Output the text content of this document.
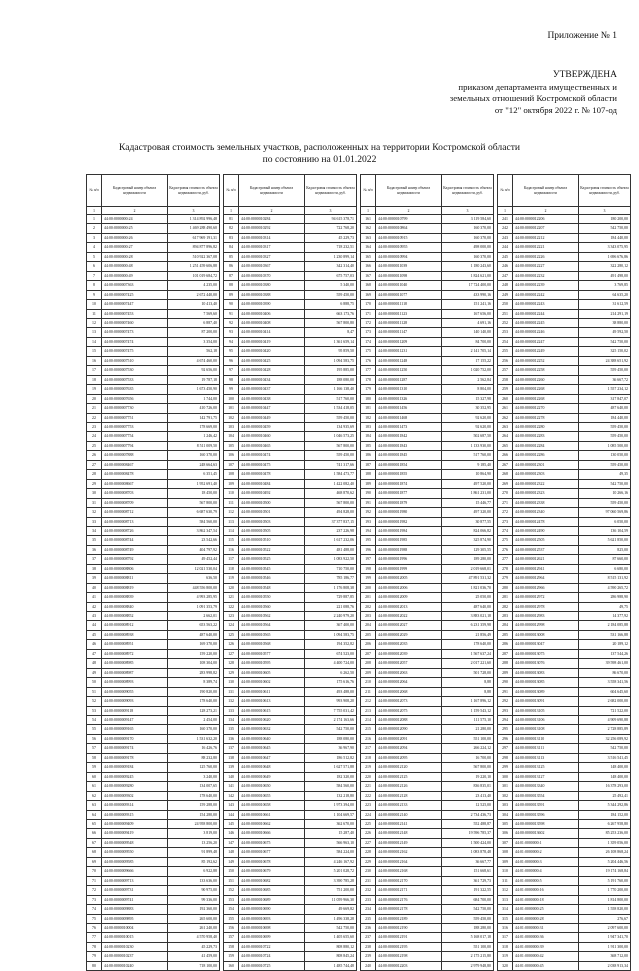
Приложение № 1
УТВЕРЖДЕНА
приказом департамента имущественных и
земельных отношений Костромской области
от "12" октября 2022 г. № 107-од
Кадастровая стоимость земельных участков, расположенных на территории Костромской области
по состоянию на 01.01.2022
№ п/п	Кадастровый номер объекта недвижимости	Кадастровая стоимость объекта недвижимости, руб.
1	2	3
1	44:00:0000000:24	1 314 892 996,48
2	44:00:0000000:25	1 469 288 490,60
3	44:00:0000000:26	617 969 191,31
4	44:00:0000000:27	894 877 896,82
5	44:00:0000000:28	510 922 367,08
6	44:00:0000000:48	1 251 459 606,88
7	44:00:0000000:49	101 019 684,72
8	44:00:0000007363	4 235,00
9	44:00:0000007425	2 672 440,00
10	44:00:0000007447	10 413,40
11	44:00:0000007453	7 569,60
12	44:00:0000007460	6 887,40
13	44:00:0000007473	87 200,00
14	44:00:0000007474	3 354,00
15	44:00:0000007475	562,18
16	44:00:0000007510	4 674 460,00
17	44:00:0000007530	92 656,00
18	44:00:0000007533	19 787,18
19	44:00:0000007635	1 673 450,90
20	44:00:0000007656	1 744,00
21	44:00:0000007730	410 726,00
22	44:00:0000007751	142 791,75
23	44:00:0000007753	178 669,00
24	44:00:0000007754	1 246,42
25	44:00:0000007794	8 511 009,50
26	44:00:0000007888	160 370,00
27	44:00:0000008467	248 664,63
28	44:00:0000008478	6 351,45
29	44:00:0000008667	1 952 691,40
30	44:00:0000008703	18 450,00
31	44:00:0000008709	567 800,00
32	44:00:0000008712	6 687 630,79
33	44:00:0000008713	584 560,00
34	44:00:0000008726	3 862 347,54
35	44:00:0000008744	23 542,66
36	44:00:0000008749	404 797,92
37	44:00:0000008792	49 452,44
38	44:00:0000008806	12 021 530,04
39	44:00:0000008811	636,50
40	44:00:0000008819	448 556 800,00
41	44:00:0000008839	4 993 285,95
42	44:00:0000008840	1 091 353,79
43	44:00:0000008852	2 662,01
44	44:00:0000008912	653 563,22
45	44:00:0000008938	487 640,00
46	44:00:0000008951	169 370,00
47	44:00:0000008972	159 220,00
48	44:00:0000008985	108 304,00
49	44:00:0000008987	283 998,82
50	44:00:0000008993	8 389,74
51	44:00:0000009055	190 820,00
52	44:00:0000009093	178 640,00
53	44:00:0000009118	128 273,21
54	44:00:0000009147	2 454,00
55	44:00:0000009165	160 370,00
56	44:00:0000009170	1 531 632,20
57	44:00:0000009174	16 426,76
58	44:00:0000009178	88 232,80
59	44:00:0000009184	125 760,00
60	44:00:0000009245	3 240,00
61	44:00:0000009280	134 007,65
62	44:00:0000009302	178 640,00
63	44:00:0000009314	159 288,00
64	44:00:0000009315	154 280,00
65	44:00:0000009409	24 958 800,00
66	44:00:0000009419	3 819,00
67	44:00:0000009548	13 256,20
68	44:00:0000009550	91 899,48
69	44:00:0000009585	85 192,62
70	44:00:0000009666	6 922,88
71	44:00:0000009713	133 636,00
72	44:00:0000009731	90 975,00
73	44:00:0000009741	99 336,00
74	44:00:0000009883	192 360,00
75	44:00:0000009895	265 600,00
76	44:00:0000010004	261 240,00
77	44:00:0000010015	4 570 958,40
78	44:00:0000010230	45 229,73
79	44:00:0000010237	41 459,00
80	44:00:0000010240	718 100,00
№ п/п	Кадастровый номер объекта недвижимости	Кадастровая стоимость объекта недвижимости, руб.
1	2	3
81	44:00:0000010284	94 615 378,71
82	44:00:0000010292	722 768,20
83	44:00:0000010314	45 229,73
84	44:00:0000010317	718 232,51
85	44:00:0000010327	1 230 899,14
86	44:00:0000010367	342 314,40
87	44:00:0000010370	675 757,03
88	44:00:0000010380	5 340,00
89	44:00:0000010388	559 450,00
90	44:00:0000010390	6 888,75
91	44:00:0000010406	663 173,76
92	44:00:0000010408	567 800,80
93	44:00:0000010414	8,47
94	44:00:0000010419	1 361 659,14
95	44:00:0000010420	95 859,50
96	44:00:0000010425	1 094 583,75
97	44:00:0000010428	195 885,00
98	44:00:0000010434	188 080,00
99	44:00:0000010437	1 166 138,40
100	44:00:0000010438	517 760,00
101	44:00:0000010447	1 534 418,05
102	44:00:0000010449	559 450,00
103	44:00:0000010459	134 935,69
104	44:00:0000010460	1 046 573,25
105	44:00:0000010465	567 800,00
106	44:00:0000010474	559 450,00
107	44:00:0000010475	741 317,66
108	44:00:0000010478	1 584 473,77
109	44:00:0000010484	1 422 082,40
110	44:00:0000010492	468 870,62
111	44:00:0000010500	567 800,00
112	44:00:0000010501	494 828,00
113	44:00:0000010503	37 377 837,15
114	44:00:0000010505	237 226,98
115	44:00:0000010510	1 617 232,06
116	44:00:0000010522	481 488,00
117	44:00:0000010525	1 083 922,50
118	44:00:0000010545	710 750,00
119	44:00:0000010546	785 186,77
120	44:00:0000010548	1 176 808,38
121	44:00:0000010550	729 887,85
122	44:00:0000010560	221 088,76
123	44:00:0000010562	2 240 979,20
124	44:00:0000010564	367 400,00
125	44:00:0000010565	1 094 583,75
126	44:00:0000010568	194 352,82
127	44:00:0000010577	674 523,00
128	44:00:0000010595	4 400 724,00
129	44:00:0000010605	6 262,50
130	44:00:0000010602	175 616,76
131	44:00:0000010611	493 488,00
132	44:00:0000010613	993 908,20
133	44:00:0000010615	7 755 031,42
134	44:00:0000010620	2 174 163,66
135	44:00:0000010632	542 750,00
136	44:00:0000010640	188 080,00
137	44:00:0000010645	36 967,90
138	44:00:0000010647	186 512,82
139	44:00:0000010648	1 627 571,88
140	44:00:0000010649	182 320,00
141	44:00:0000010650	584 560,00
142	44:00:0000010655	132 218,80
143	44:00:0000010658	1 973 394,00
144	44:00:0000010661	1 104 669,57
145	44:00:0000010662	362 670,00
146	44:00:0000010666	15 287,40
147	44:00:0000010675	566 963,10
148	44:00:0000010677	584 224,00
149	44:00:0000010678	4 246 167,92
150	44:00:0000010679	5 201 028,72
151	44:00:0000010682	3 390 785,28
152	44:00:0000010685	751 200,00
153	44:00:0000010689	11 059 966,30
154	44:00:0000010690	49 669,82
155	44:00:0000010693	1 496 338,28
156	44:00:0000010698	542 750,00
157	44:00:0000010699	1 405 655,60
158	44:00:0000010722	808 880,12
159	44:00:0000010724	808 845,24
160	44:00:0000010725	1 485 744,48
№ п/п	Кадастровый номер объекта недвижимости	Кадастровая стоимость объекта недвижимости, руб.
1	2	3
161	44:00:0000010799	3 119 584,60
162	44:00:0000010864	160 370,00
163	44:00:0000010915	160 370,00
164	44:00:0000010955	498 000,00
165	44:00:0000010994	160 370,00
166	44:00:0000011039	1 180 243,60
167	44:00:0000011098	1 824 621,00
168	44:00:0000011040	17 724 400,00
169	44:00:0000011077	433 990,16
170	44:00:0000011118	151 241,16
171	44:00:0000011123	167 656,00
172	44:00:0000011128	4 691,16
173	44:00:0000011147	140 140,00
174	44:00:0000011209	84 700,00
175	44:00:0000011231	2 141 705,14
176	44:00:0000011248	17 155,22
177	44:00:0000011250	1 020 752,00
178	44:00:0000011287	2 562,84
179	44:00:0000011310	8 804,00
180	44:00:0000011326	15 327,98
181	44:00:0000011456	30 352,95
182	44:00:0000011468	92 620,00
183	44:00:0000011473	92 620,00
184	44:00:0000011842	502 687,50
185	44:00:0000011843	1 133 930,00
186	44:00:0000011845	517 760,00
187	44:00:0000011854	9 185,40
188	44:00:0000011855	10 864,90
189	44:00:0000011874	497 520,00
190	44:00:0000011877	1 861 231,00
191	44:00:0000011879	15 446,77
192	44:00:0000011980	497 320,00
193	44:00:0000011982	30 877,55
194	44:00:0000011984	824 066,82
195	44:00:0000011985	325 874,90
196	44:00:0000011988	129 305,55
197	44:00:0000011996	189 280,00
198	44:00:0000011999	2 019 668,01
199	44:00:0000012005	47 891 531,32
200	44:00:0000012006	1 821 036,70
201	44:00:0000012009	25 050,00
202	44:00:0000012013	487 640,00
203	44:00:0000012022	3 883 021,18
204	44:00:0000012027	6 231 359,98
205	44:00:0000012029	21 856,49
206	44:00:0000012035	178 640,00
207	44:00:0000012039	1 567 637,24
208	44:00:0000012057	2 017 221,60
209	44:00:0000012063	501 728,00
210	44:00:0000012064	8,88
211	44:00:0000012068	8,88
212	44:00:0000012073	1 167 896,12
213	44:00:0000012075	1 159 543,12
214	44:00:0000012088	111 575,10
215	44:00:0000012090	21 280,00
216	44:00:0000012091	551 100,00
217	44:00:0000012094	266 224,12
218	44:00:0000012095	16 700,00
219	44:00:0000012120	567 800,00
220	44:00:0000012125	19 220,10
221	44:00:0000012126	836 835,01
222	44:00:0000012128	23 413,40
223	44:00:0000012133	12 525,00
224	44:00:0000012140	2 734 436,73
225	44:00:0000012141	552 488,87
226	44:00:0000012148	19 596 785,37
227	44:00:0000012149	1 500 424,00
228	44:00:0000012162	1 083 878,48
229	44:00:0000012164	36 667,77
230	44:00:0000012168	151 668,61
231	44:00:0000012170	361 729,73
232	44:00:0000012171	191 322,55
233	44:00:0000012176	684 700,00
234	44:00:0000012178	542 750,00
235	44:00:0000012189	559 450,00
236	44:00:0000012190	188 280,00
237	44:00:0000012191	5 168 017,18
238	44:00:0000012195	551 100,00
239	44:00:0000012198	2 175 215,80
240	44:00:0000012203	2 979 948,80
№ п/п	Кадастровый номер объекта недвижимости	Кадастровая стоимость объекта недвижимости, руб.
1	2	3
241	44:00:0000012206	180 200,00
242	44:00:0000012207	542 750,00
243	44:00:0000012212	184 440,00
244	44:00:0000012221	3 343 075,95
245	44:00:0000012226	1 696 676,86
246	44:00:0000012227	322 280,12
247	44:00:0000012232	491 498,00
248	44:00:0000012239	3 769,85
249	44:00:0000012242	64 635,20
250	44:00:0000012243	31 612,59
251	44:00:0000012244	214 291,19
252	44:00:0000012245	38 880,00
253	44:00:0000012246	49 592,50
254	44:00:0000012247	542 750,00
255	44:00:0000012249	325 150,02
256	44:00:0000012252	24 388 651,92
257	44:00:0000012258	559 450,00
258	44:00:0000012260	36 667,72
259	44:00:0000012268	1 557 234,12
260	44:00:0000012268	317 847,07
261	44:00:0000012270	487 640,00
262	44:00:0000012278	184 440,00
263	44:00:0000012280	559 450,00
264	44:00:0000012283	559 450,00
265	44:00:0000012284	1 085 500,00
266	44:00:0000012286	130 050,00
267	44:00:0000012301	559 450,00
268	44:00:0000012303	49,35
269	44:00:0000012322	542 750,00
270	44:00:0000012323	10 266,16
271	44:00:0000012338	559 450,00
272	44:00:0000012340	97 060 569,86
273	44:00:0000012478	6 050,00
274	44:00:0000012490	136 104,59
275	44:00:0000012505	5 621 850,00
276	44:00:0000012537	825,00
277	44:00:0000012621	87 660,00
278	44:00:0000012941	6 680,00
279	44:00:0000012964	8 515 131,92
280	44:00:0000012966	4 590 265,72
281	44:00:0000012972	286 988,90
282	44:00:0000012978	49,75
283	44:00:0000012983	14 377,92
284	44:00:0000012998	2 184 085,88
285	44:00:0000013008	531 166,88
286	44:00:0000013047	20 189,12
287	44:00:0000013075	137 544,26
288	44:00:0000013076	39 598 461,00
289	44:00:0000013083	86 670,00
290	44:00:0000013085	3 558 341,56
291	44:00:0000013089	604 645,60
292	44:00:0000013091	2 682 000,00
293	44:00:0000013105	721 522,00
294	44:00:0000013106	4 909 690,88
295	44:00:0000013108	2 728 885,89
296	44:00:0000013110	32 256 089,92
297	44:00:0000013111	542 750,00
298	44:00:0000013113	3 516 541,45
299	44:00:0000013125	148 400,00
300	44:00:0000013127	148 400,00
301	44:00:0000013340	16 378 293,00
302	44:00:0000013554	25 492,41
303	44:00:0000013591	5 344 292,86
304	44:00:0000013596	184 152,00
305	44:00:0000013598	6 267 958,80
306	44:00:0000013602	85 253 236,00
307	44:01:0000000:1	1 359 056,00
308	44:01:0000000:2	26 108 868,24
309	44:01:0000000:3	5 204 446,56
310	44:01:0000000:4	19 174 168,84
311	44:01:0000000:5	5 191 760,00
312	44:01:0000000:16	1 770 200,00
313	44:01:0000000:18	1 814 800,00
314	44:01:0000000:25	1 558 820,00
315	44:01:0000000:28	276,67
316	44:01:0000000:31	2 097 600,00
317	44:01:0000000:36	1 947 341,70
318	44:01:0000000:39	1 911 300,00
319	44:01:0000000:42	368 712,00
320	44:01:0000000:45	2 038 913,34
